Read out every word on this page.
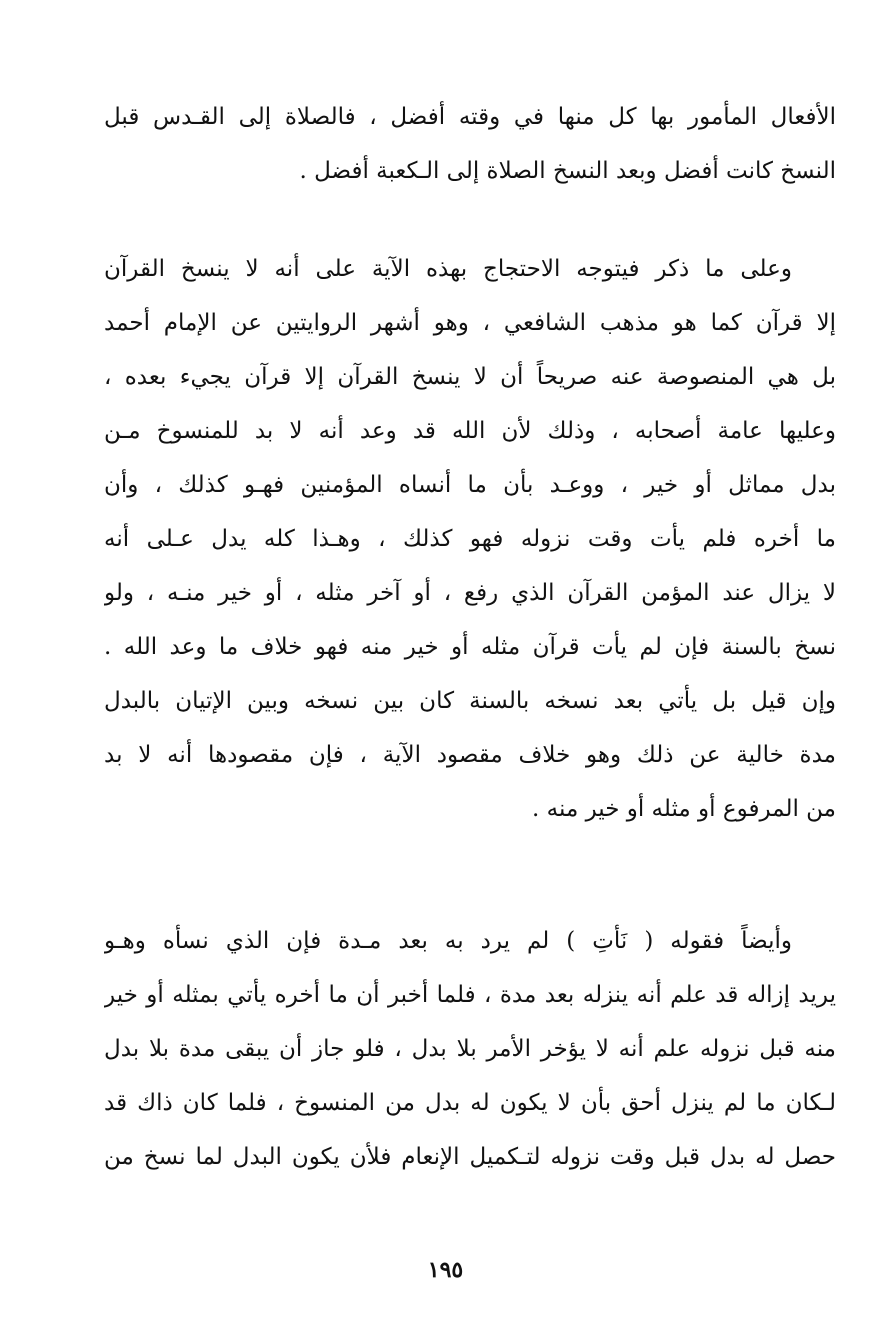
الأفعال المأمور بها كل منها في وقته أفضل ، فالصلاة إلى القـدس قبل
النسخ كانت أفضل وبعد النسخ الصلاة إلى الـكعبة أفضل .
وعلى ما ذكر فيتوجه الاحتجاج بهذه الآية على أنه لا ينسخ القرآن
إلا قرآن كما هو مذهب الشافعي ، وهو أشهر الروايتين عن الإمام أحمد
بل هي المنصوصة عنه صريحاً أن لا ينسخ القرآن إلا قرآن يجيء بعده ،
وعليها عامة أصحابه ، وذلك لأن الله قد وعد أنه لا بد للمنسوخ مـن
بدل مماثل أو خير ، ووعـد بأن ما أنساه المؤمنين فهـو كذلك ، وأن
ما أخره فلم يأت وقت نزوله فهو كذلك ، وهـذا كله يدل عـلى أنه
لا يزال عند المؤمن القرآن الذي رفع ، أو آخر مثله ، أو خير منـه ، ولو
نسخ بالسنة فإن لم يأت قرآن مثله أو خير منه فهو خلاف ما وعد الله .
وإن قيل بل يأتي بعد نسخه بالسنة كان بين نسخه وبين الإتيان بالبدل
مدة خالية عن ذلك وهو خلاف مقصود الآية ، فإن مقصودها أنه لا بد
من المرفوع أو مثله أو خير منه .
وأيضاً فقوله ( نَأتِ ) لم يرد به بعد مـدة فإن الذي نسأه وهـو
يريد إزاله قد علم أنه ينزله بعد مدة ، فلما أخبر أن ما أخره يأتي بمثله أو خير
منه قبل نزوله علم أنه لا يؤخر الأمر بلا بدل ، فلو جاز أن يبقى مدة بلا بدل
لـكان ما لم ينزل أحق بأن لا يكون له بدل من المنسوخ ، فلما كان ذاك قد
حصل له بدل قبل وقت نزوله لتـكميل الإنعام فلأن يكون البدل لما نسخ من
١٩٥
